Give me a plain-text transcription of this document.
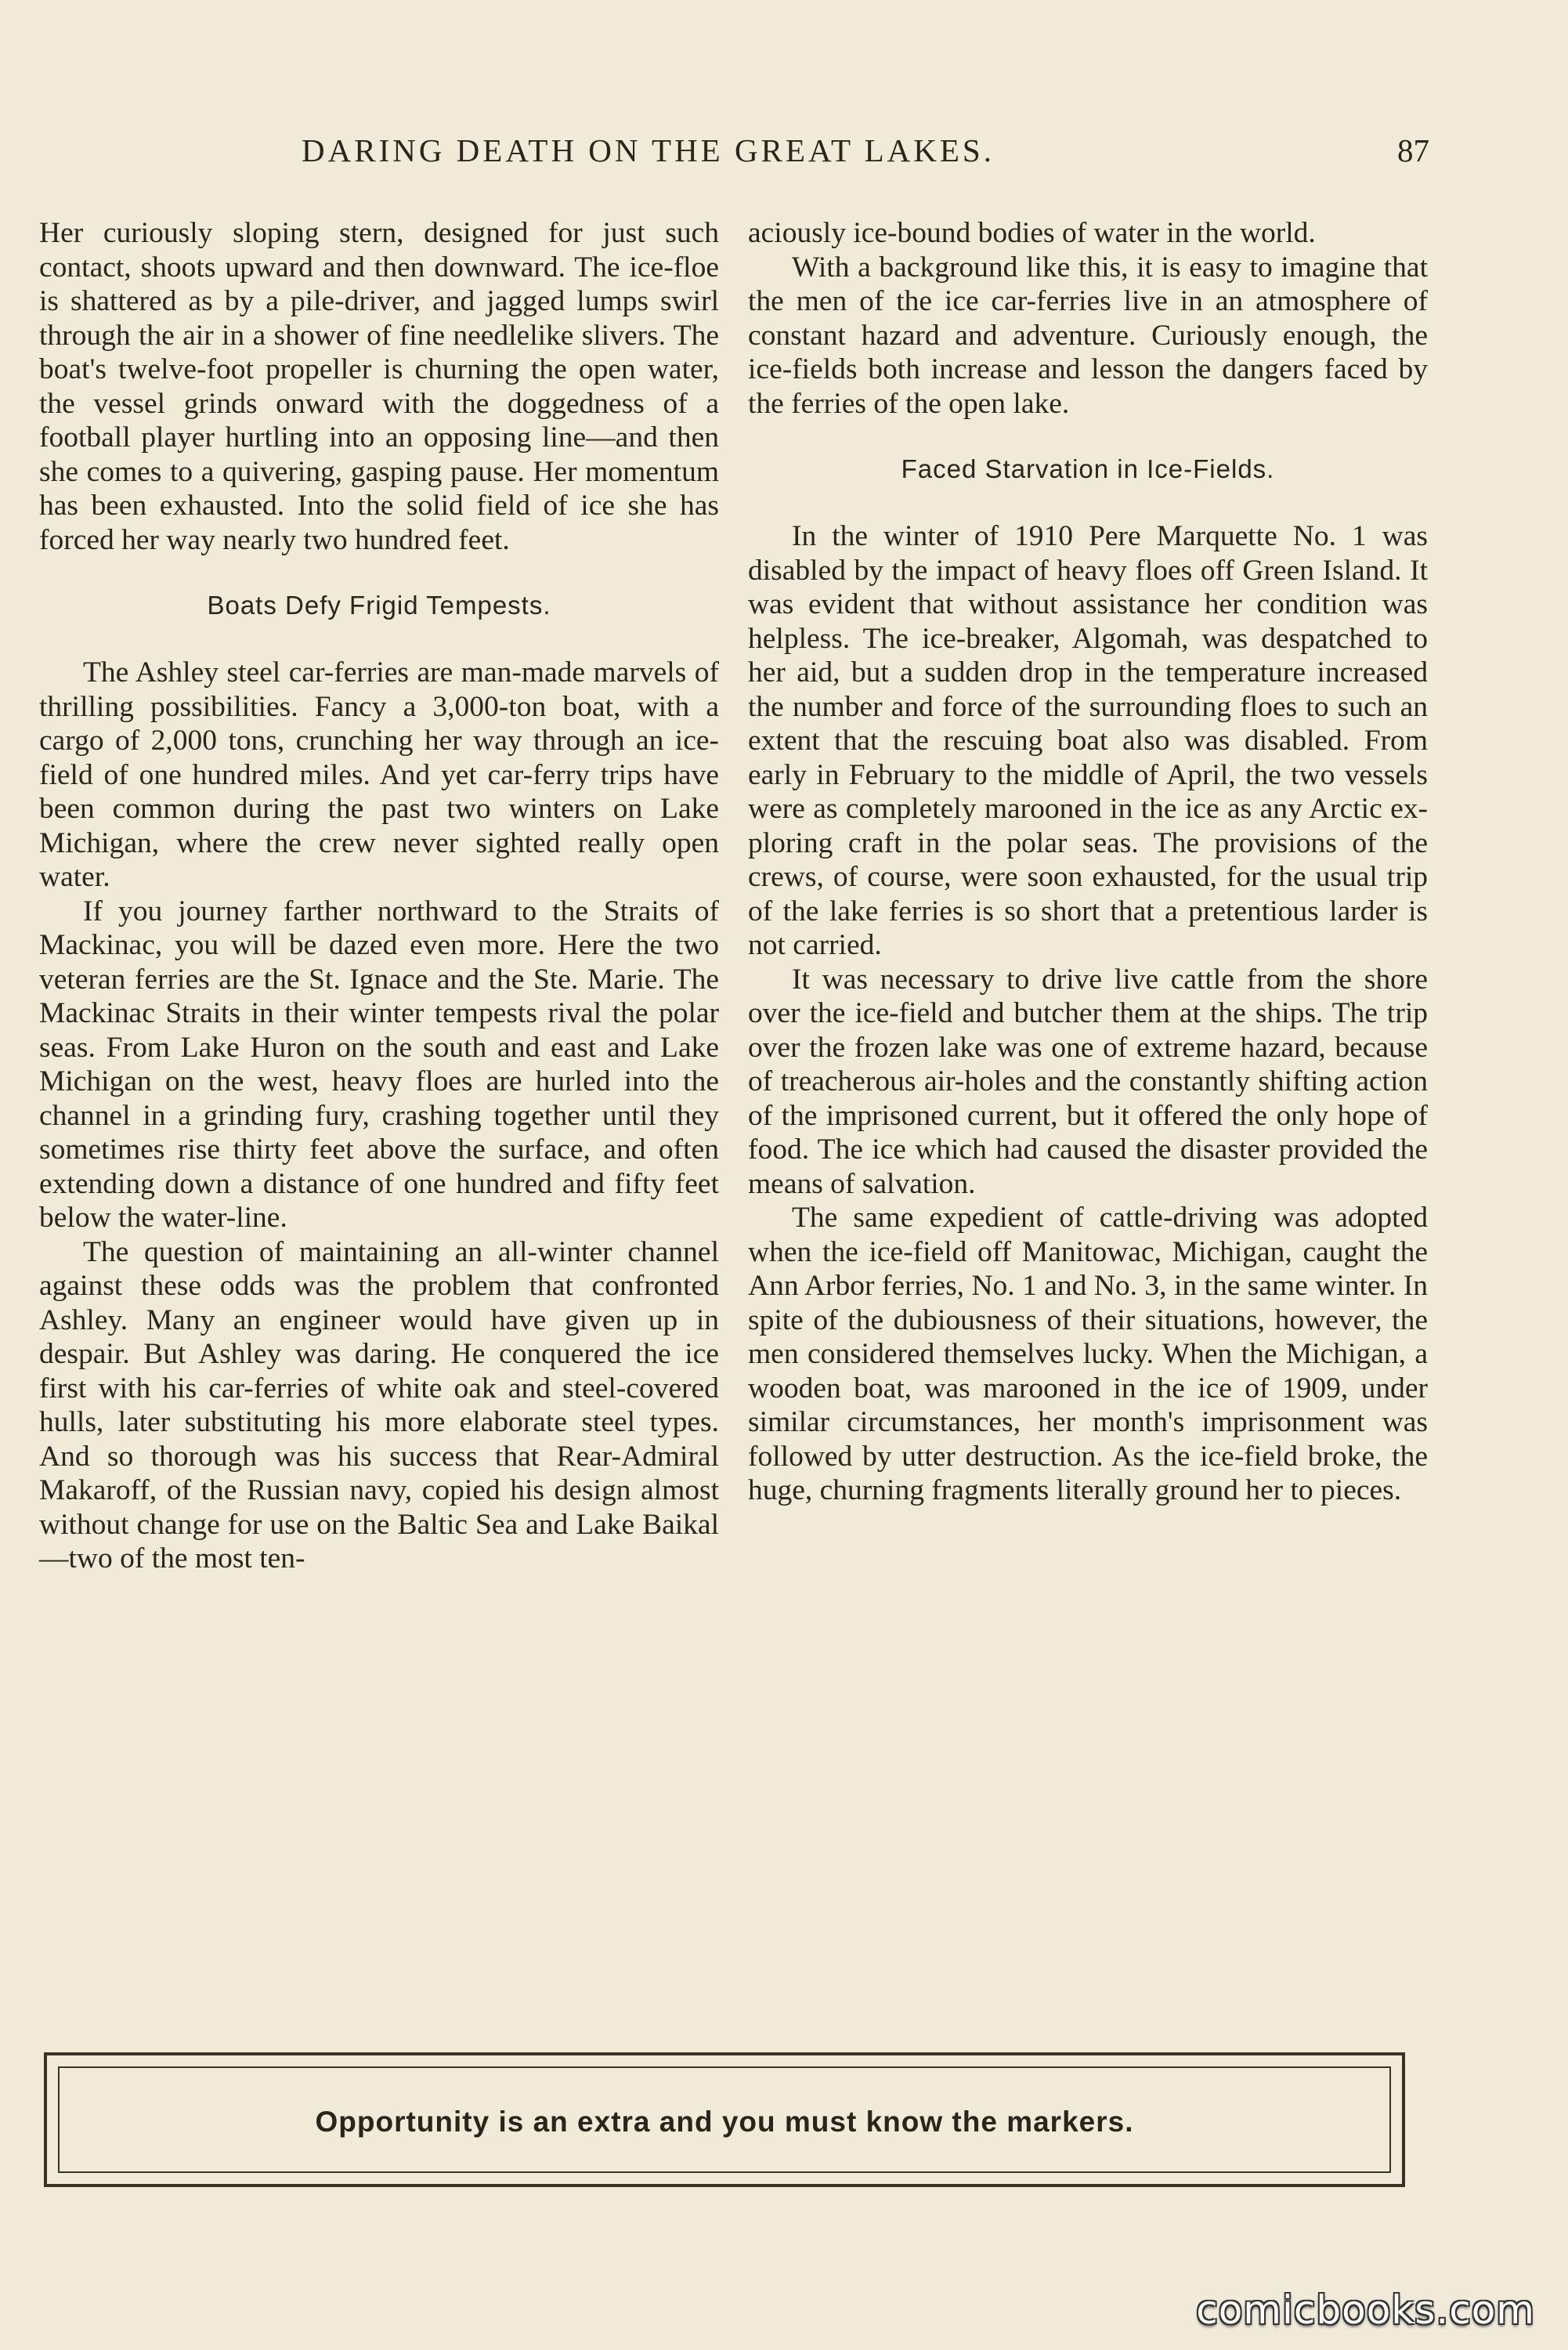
DARING DEATH ON THE GREAT LAKES.	87

Her curiously sloping stern, designed for just such contact, shoots upward and then downward. The ice-floe is shattered as by a pile-driver, and jagged lumps swirl through the air in a shower of fine needlelike slivers. The boat's twelve-foot propeller is churning the open water, the vessel grinds onward with the doggedness of a football player hurtling into an opposing line—and then she comes to a quivering, gasping pause. Her momentum has been exhausted. Into the solid field of ice she has forced her way nearly two hundred feet.

Boats Defy Frigid Tempests.

The Ashley steel car-ferries are man-made marvels of thrilling possibilities. Fancy a 3,000-ton boat, with a cargo of 2,000 tons, crunching her way through an ice-field of one hundred miles. And yet car-ferry trips have been common during the past two winters on Lake Michigan, where the crew never sighted really open water.

If you journey farther northward to the Straits of Mackinac, you will be dazed even more. Here the two veteran ferries are the St. Ignace and the Ste. Marie. The Mackinac Straits in their winter tempests rival the polar seas. From Lake Huron on the south and east and Lake Michigan on the west, heavy floes are hurled into the channel in a grinding fury, crashing together until they sometimes rise thirty feet above the surface, and often extending down a distance of one hundred and fifty feet below the water-line.

The question of maintaining an all-winter channel against these odds was the problem that confronted Ashley. Many an engineer would have given up in despair. But Ashley was daring. He conquered the ice first with his car-ferries of white oak and steel-covered hulls, later substituting his more elaborate steel types. And so thorough was his success that Rear-Admiral Makaroff, of the Russian navy, copied his design almost without change for use on the Baltic Sea and Lake Baikal—two of the most ten-

aciously ice-bound bodies of water in the world.

With a background like this, it is easy to imagine that the men of the ice car-ferries live in an atmosphere of constant hazard and adventure. Curiously enough, the ice-fields both increase and lesson the dangers faced by the ferries of the open lake.

Faced Starvation in Ice-Fields.

In the winter of 1910 Pere Marquette No. 1 was disabled by the impact of heavy floes off Green Island. It was evident that without assistance her condition was helpless. The ice-breaker, Algomah, was despatched to her aid, but a sudden drop in the temperature increased the number and force of the surrounding floes to such an extent that the rescuing boat also was disabled. From early in February to the middle of April, the two vessels were as completely marooned in the ice as any Arctic exploring craft in the polar seas. The provisions of the crews, of course, were soon exhausted, for the usual trip of the lake ferries is so short that a pretentious larder is not carried.

It was necessary to drive live cattle from the shore over the ice-field and butcher them at the ships. The trip over the frozen lake was one of extreme hazard, because of treacherous air-holes and the constantly shifting action of the imprisoned current, but it offered the only hope of food. The ice which had caused the disaster provided the means of salvation.

The same expedient of cattle-driving was adopted when the ice-field off Manitowac, Michigan, caught the Ann Arbor ferries, No. 1 and No. 3, in the same winter. In spite of the dubiousness of their situations, however, the men considered themselves lucky. When the Michigan, a wooden boat, was marooned in the ice of 1909, under similar circumstances, her month's imprisonment was followed by utter destruction. As the ice-field broke, the huge, churning fragments literally ground her to pieces.

Opportunity is an extra and you must know the markers.
comicbooks.com
